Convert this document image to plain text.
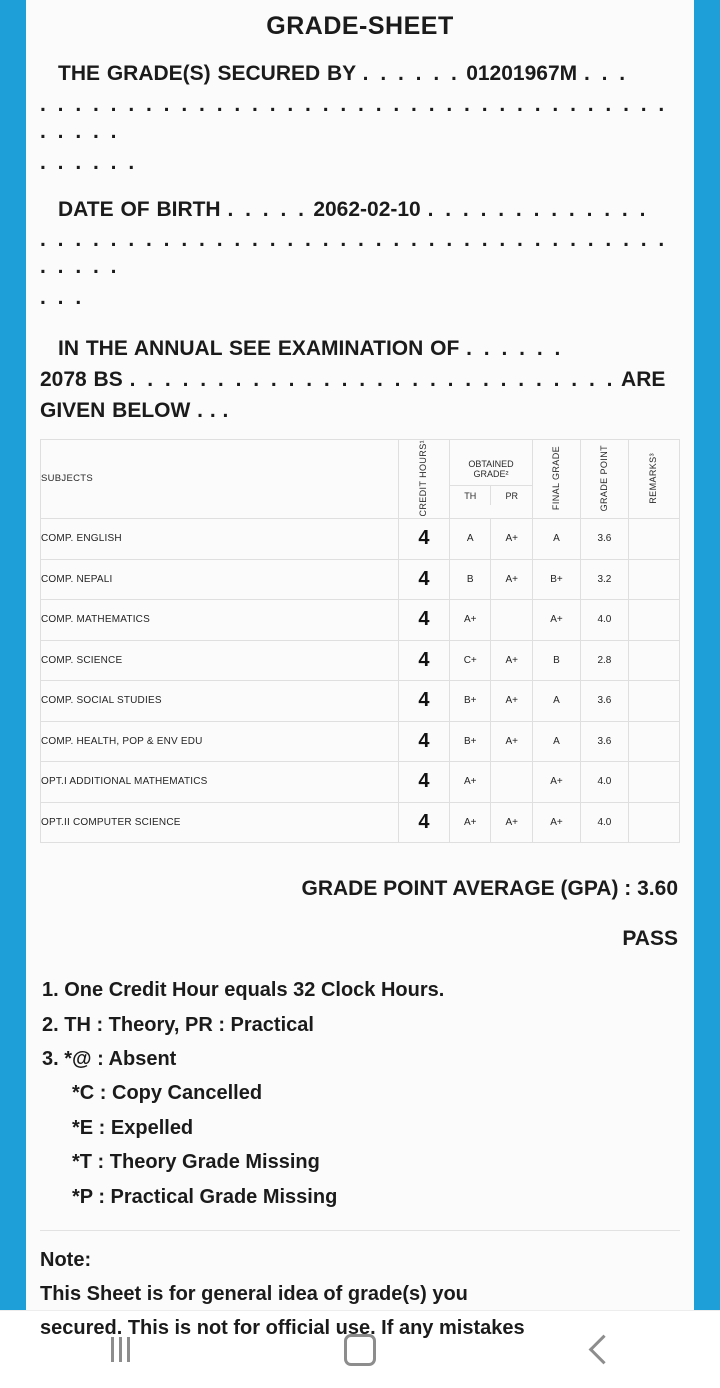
GRADE-SHEET
THE GRADE(S) SECURED BY . . . . . . 01201967M . . .
. . . . . . . . . . . . . . . . . . . . . . . . . . . . . . . . . . . . . . . . .
. . . . . .
DATE OF BIRTH . . . . . 2062-02-10 . . . . . . . . . . . . .
. . . . . . . . . . . . . . . . . . . . . . . . . . . . . . . . . . . . . . . . .
. . .
IN THE ANNUAL SEE EXAMINATION OF . . . . . .
2078 BS . . . . . . . . . . . . . . . . . . . . . . . . . . . . ARE
GIVEN BELOW . . .
SUBJECTS	CREDIT HOURS¹	OBTAINED GRADE²
TH PR		FINAL GRADE	GRADE POINT	REMARKS³

COMP. ENGLISH	4	A	A+	A	3.6	
COMP. NEPALI	4	B	A+	B+	3.2	
COMP. MATHEMATICS	4	A+		A+	4.0	
COMP. SCIENCE	4	C+	A+	B	2.8	
COMP. SOCIAL STUDIES	4	B+	A+	A	3.6	
COMP. HEALTH, POP & ENV EDU	4	B+	A+	A	3.6	
OPT.I ADDITIONAL MATHEMATICS	4	A+		A+	4.0	
OPT.II COMPUTER SCIENCE	4	A+	A+	A+	4.0	
GRADE POINT AVERAGE (GPA) : 3.60
PASS
1. One Credit Hour equals 32 Clock Hours.
2. TH : Theory, PR : Practical
3. *@ : Absent
*C : Copy Cancelled
*E : Expelled
*T : Theory Grade Missing
*P : Practical Grade Missing
Note:
This Sheet is for general idea of grade(s) you
secured. This is not for official use. If any mistakes
